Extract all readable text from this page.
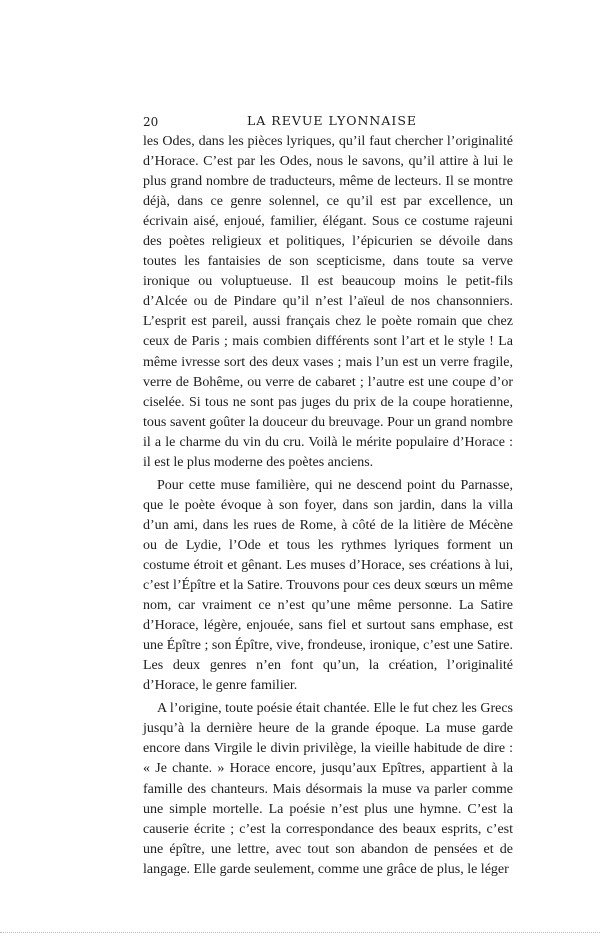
20	LA REVUE LYONNAISE

les Odes, dans les pièces lyriques, qu’il faut chercher l’originalité d’Horace. C’est par les Odes, nous le savons, qu’il attire à lui le plus grand nombre de traducteurs, même de lecteurs. Il se montre déjà, dans ce genre solennel, ce qu’il est par excellence, un écrivain aisé, enjoué, familier, élégant. Sous ce costume rajeuni des poètes religieux et politiques, l’épicurien se dévoile dans toutes les fantaisies de son scepticisme, dans toute sa verve ironique ou voluptueuse. Il est beaucoup moins le petit-fils d’Alcée ou de Pindare qu’il n’est l’aïeul de nos chansonniers. L’esprit est pareil, aussi français chez le poète romain que chez ceux de Paris ; mais combien différents sont l’art et le style ! La même ivresse sort des deux vases ; mais l’un est un verre fragile, verre de Bohême, ou verre de cabaret ; l’autre est une coupe d’or ciselée. Si tous ne sont pas juges du prix de la coupe horatienne, tous savent goûter la douceur du breuvage. Pour un grand nombre il a le charme du vin du cru. Voilà le mérite populaire d’Horace : il est le plus moderne des poètes anciens.

Pour cette muse familière, qui ne descend point du Parnasse, que le poète évoque à son foyer, dans son jardin, dans la villa d’un ami, dans les rues de Rome, à côté de la litière de Mécène ou de Lydie, l’Ode et tous les rythmes lyriques forment un costume étroit et gênant. Les muses d’Horace, ses créations à lui, c’est l’Épître et la Satire. Trouvons pour ces deux sœurs un même nom, car vraiment ce n’est qu’une même personne. La Satire d’Horace, légère, enjouée, sans fiel et surtout sans emphase, est une Épître ; son Épître, vive, frondeuse, ironique, c’est une Satire. Les deux genres n’en font qu’un, la création, l’originalité d’Horace, le genre familier.

A l’origine, toute poésie était chantée. Elle le fut chez les Grecs jusqu’à la dernière heure de la grande époque. La muse garde encore dans Virgile le divin privilège, la vieille habitude de dire : « Je chante. » Horace encore, jusqu’aux Epîtres, appartient à la famille des chanteurs. Mais désormais la muse va parler comme une simple mortelle. La poésie n’est plus une hymne. C’est la causerie écrite ; c’est la correspondance des beaux esprits, c’est une épître, une lettre, avec tout son abandon de pensées et de langage. Elle garde seulement, comme une grâce de plus, le léger
